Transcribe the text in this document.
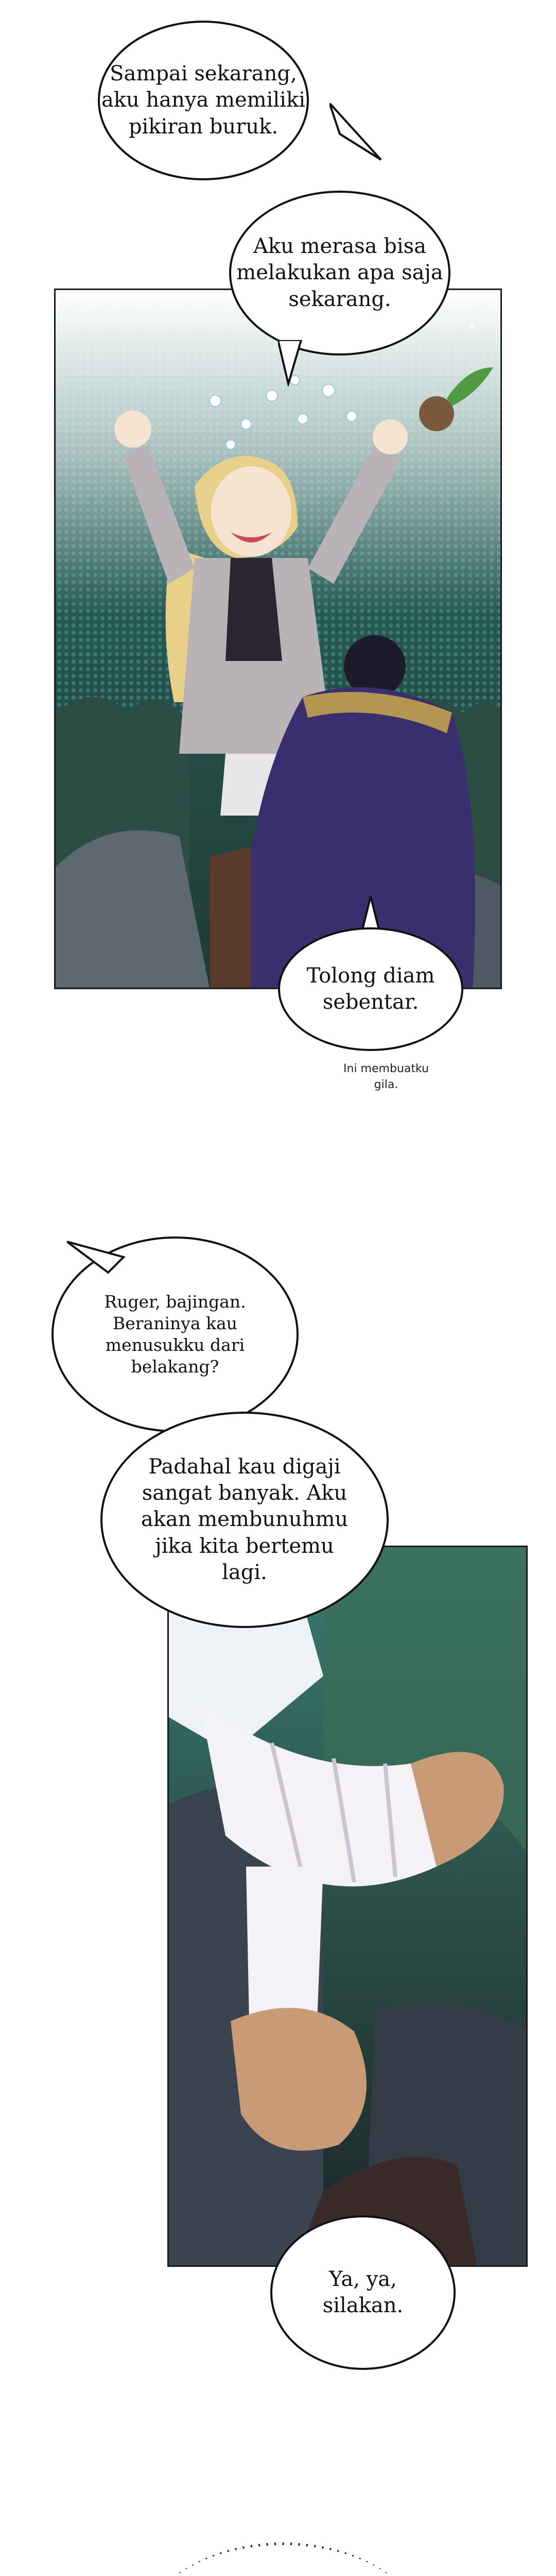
Sampai sekarang,
aku hanya memiliki
pikiran buruk.
✦
Aku merasa bisa
melakukan apa saja
sekarang.
Tolong diam
sebentar.
Ini membuatku
gila.
Ruger, bajingan.
Beraninya kau
menusukku dari
belakang?
Padahal kau digaji
sangat banyak. Aku
akan membunuhmu
jika kita bertemu
lagi.
Ya, ya,
silakan.
